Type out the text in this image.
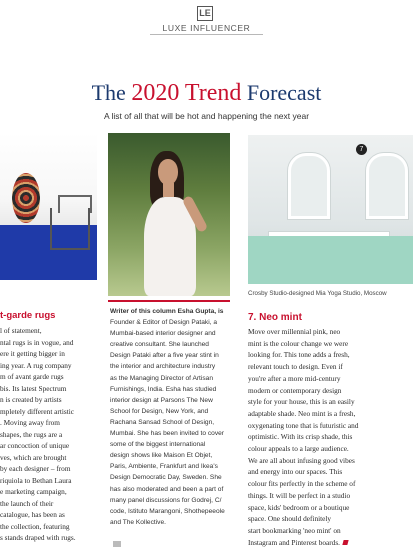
LE
LUXE INFLUENCER
The 2020 Trend Forecast
A list of all that will be hot and happening the next year
7
Crosby Studio-designed Mia Yoga Studio, Moscow
t-garde rugs
l of statement,
ntal rugs is in vogue, and
ere it getting bigger in
ing year. A rug company
m of avant garde rugs
bis. Its latest Spectrum
n is created by artists
mpletely different artistic
. Moving away from
shapes, the rugs are a
ar concoction of unique
ves, which are brought
by each designer – from
riquiola to Bethan Laura
e marketing campaign,
the launch of their
catalogue, has been as
the collection, featuring
s stands draped with rugs.
Writer of this column Esha Gupta, is
Founder & Editor of Design Pataki, a
Mumbai-based interior designer and
creative consultant. She launched
Design Pataki after a five year stint in
the interior and architecture industry
as the Managing Director of Artisan
Furnishings, India. Esha has studied
interior design at Parsons The New
School for Design, New York, and
Rachana Sansad School of Design,
Mumbai. She has been invited to cover
some of the biggest international
design shows like Maison Et Objet,
Paris, Ambiente, Frankfurt and Ikea's
Design Democratic Day, Sweden. She
has also moderated and been a part of
many panel discussions for Godrej, C/
code, Istituto Marangoni, Shothepeeole
and The Kollective.
7. Neo mint
Move over millennial pink, neo
mint is the colour change we were
looking for. This tone adds a fresh,
relevant touch to design. Even if
you're after a more mid-century
modern or contemporary design
style for your house, this is an easily
adaptable shade. Neo mint is a fresh,
oxygenating tone that is futuristic and
optimistic. With its crisp shade, this
colour appeals to a large audience.
We are all about infusing good vibes
and energy into our spaces. This
colour fits perfectly in the scheme of
things. It will be perfect in a studio
space, kids' bedroom or a boutique
space. One should definitely
start bookmarking 'neo mint' on
Instagram and Pinterest boards.
